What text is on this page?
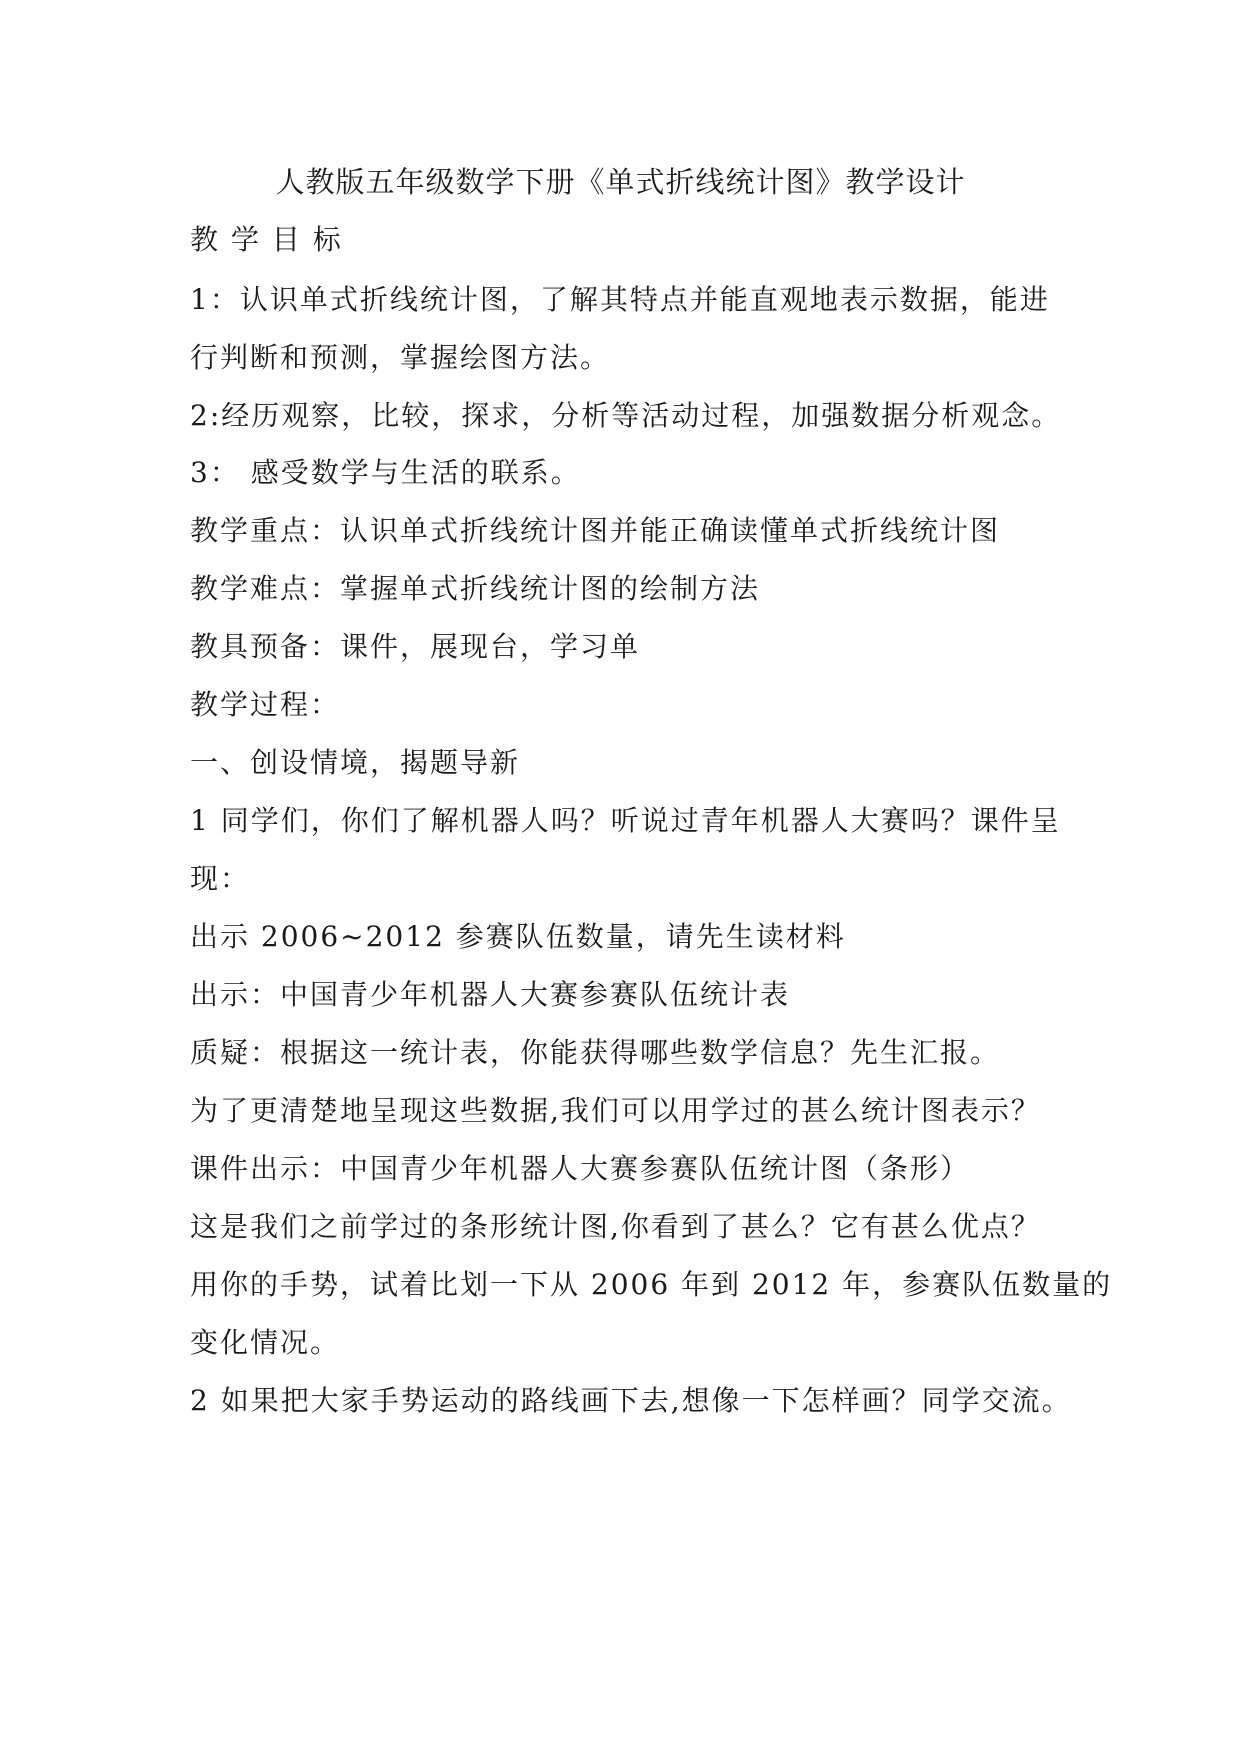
人教版五年级数学下册《单式折线统计图》教学设计
教 学 目 标
1：认识单式折线统计图，了解其特点并能直观地表示数据，能进
行判断和预测，掌握绘图方法。
2:经历观察，比较，探求，分析等活动过程，加强数据分析观念。
3： 感受数学与生活的联系。
教学重点：认识单式折线统计图并能正确读懂单式折线统计图
教学难点：掌握单式折线统计图的绘制方法
教具预备：课件，展现台，学习单
教学过程：
一、创设情境，揭题导新
1 同学们，你们了解机器人吗？听说过青年机器人大赛吗？课件呈
现：
出示 2006~2012 参赛队伍数量，请先生读材料
出示：中国青少年机器人大赛参赛队伍统计表
质疑：根据这一统计表，你能获得哪些数学信息？先生汇报。
为了更清楚地呈现这些数据,我们可以用学过的甚么统计图表示？
课件出示：中国青少年机器人大赛参赛队伍统计图（条形）
这是我们之前学过的条形统计图,你看到了甚么？它有甚么优点？
用你的手势，试着比划一下从 2006 年到 2012 年，参赛队伍数量的
变化情况。
2 如果把大家手势运动的路线画下去,想像一下怎样画？同学交流。
